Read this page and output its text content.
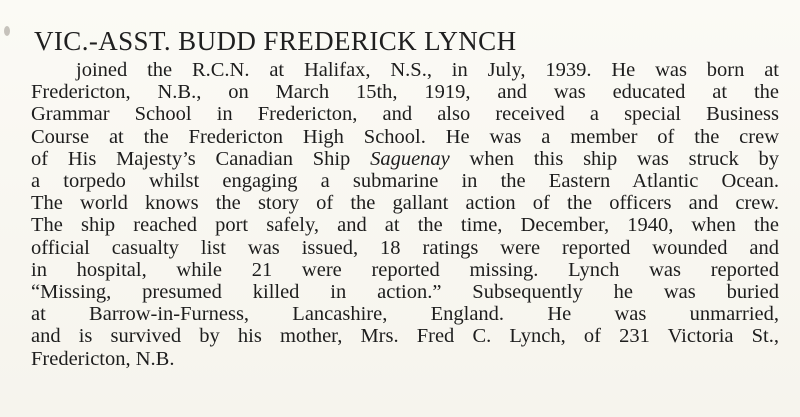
VIC.-ASST. BUDD FREDERICK LYNCH
joined the R.C.N. at Halifax, N.S., in July, 1939. He was born at
Fredericton, N.B., on March 15th, 1919, and was educated at the
Grammar School in Fredericton, and also received a special Business
Course at the Fredericton High School. He was a member of the crew
of His Majesty’s Canadian Ship Saguenay when this ship was struck by
a torpedo whilst engaging a submarine in the Eastern Atlantic Ocean.
The world knows the story of the gallant action of the officers and crew.
The ship reached port safely, and at the time, December, 1940, when the
official casualty list was issued, 18 ratings were reported wounded and
in hospital, while 21 were reported missing. Lynch was reported
“Missing, presumed killed in action.” Subsequently he was buried
at Barrow-in-Furness, Lancashire, England. He was unmarried,
and is survived by his mother, Mrs. Fred C. Lynch, of 231 Victoria St.,
Fredericton, N.B.
